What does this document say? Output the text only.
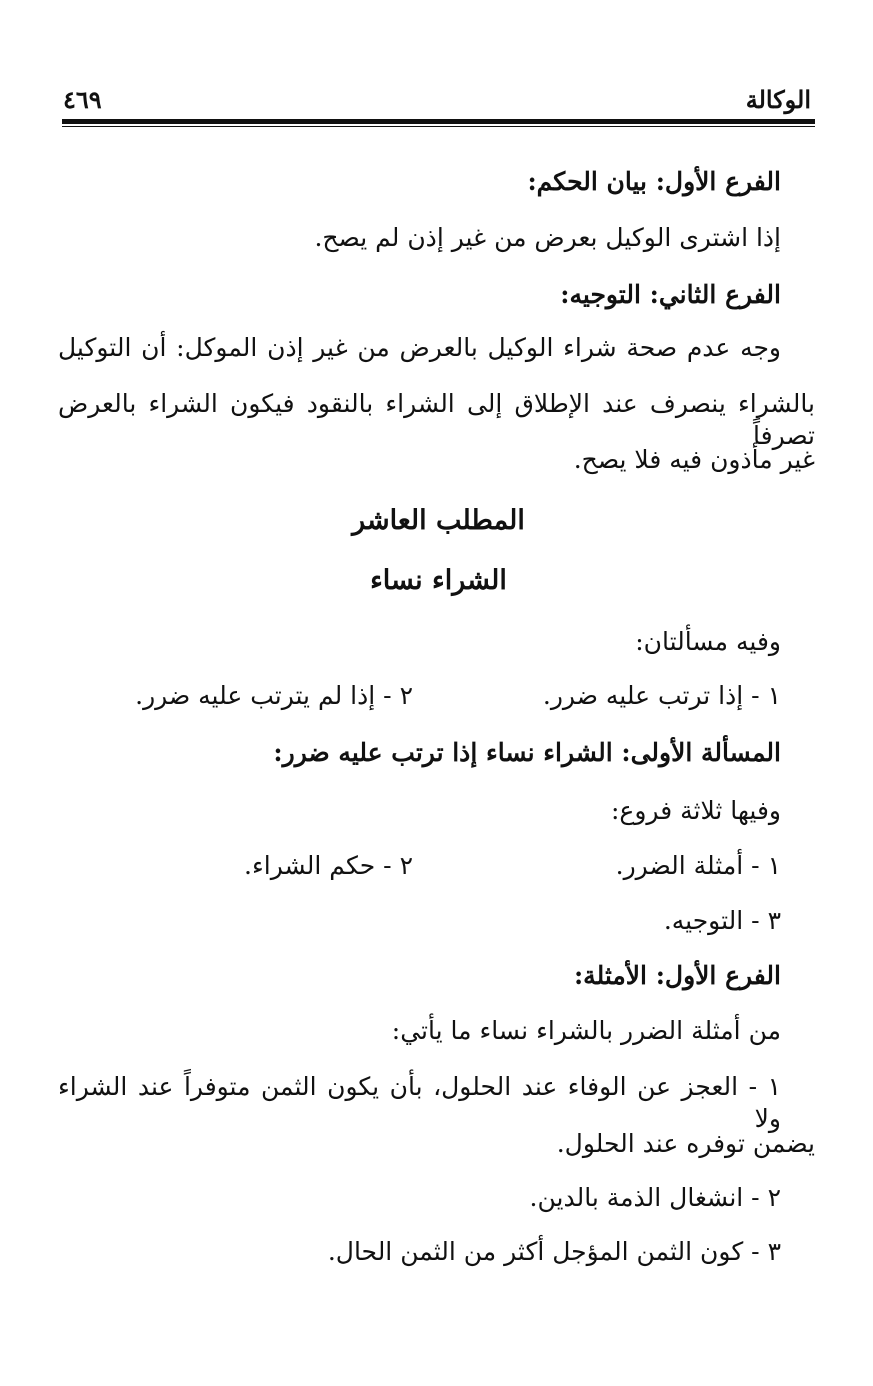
الوكالة
٤٦٩
الفرع الأول: بيان الحكم:
إذا اشترى الوكيل بعرض من غير إذن لم يصح.
الفرع الثاني: التوجيه:
وجه عدم صحة شراء الوكيل بالعرض من غير إذن الموكل: أن التوكيل
بالشراء ينصرف عند الإطلاق إلى الشراء بالنقود فيكون الشراء بالعرض تصرفاً
غير مأذون فيه فلا يصح.
المطلب العاشر
الشراء نساء
وفيه مسألتان:
١ - إذا ترتب عليه ضرر.
٢ - إذا لم يترتب عليه ضرر.
المسألة الأولى: الشراء نساء إذا ترتب عليه ضرر:
وفيها ثلاثة فروع:
١ - أمثلة الضرر.
٢ - حكم الشراء.
٣ - التوجيه.
الفرع الأول: الأمثلة:
من أمثلة الضرر بالشراء نساء ما يأتي:
١ - العجز عن الوفاء عند الحلول، بأن يكون الثمن متوفراً عند الشراء ولا
يضمن توفره عند الحلول.
٢ - انشغال الذمة بالدين.
٣ - كون الثمن المؤجل أكثر من الثمن الحال.
